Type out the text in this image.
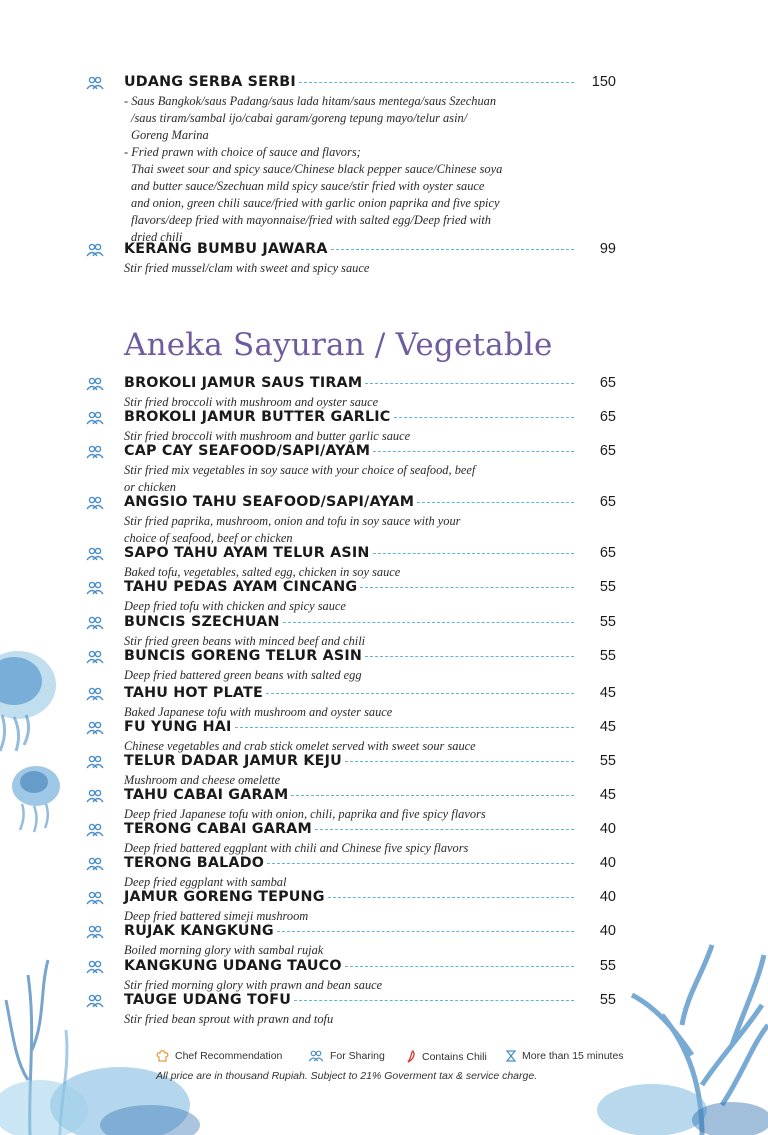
UDANG SERBA SERBI	150
- Saus Bangkok/saus Padang/saus lada hitam/saus mentega/saus Szechuan
/saus tiram/sambal ijo/cabai garam/goreng tepung mayo/telur asin/
Goreng Marina
- Fried prawn with choice of sauce and flavors;
Thai sweet sour and spicy sauce/Chinese black pepper sauce/Chinese soya
and butter sauce/Szechuan mild spicy sauce/stir fried with oyster sauce
and onion, green chili sauce/fried with garlic onion paprika and five spicy
flavors/deep fried with mayonnaise/fried with salted egg/Deep fried with
dried chili
KERANG BUMBU JAWARA	99
Stir fried mussel/clam with sweet and spicy sauce
Aneka Sayuran / Vegetable
BROKOLI JAMUR SAUS TIRAM	65
Stir fried broccoli with mushroom and oyster sauce
BROKOLI JAMUR BUTTER GARLIC	65
Stir fried broccoli with mushroom and butter garlic sauce
CAP CAY SEAFOOD/SAPI/AYAM	65
Stir fried mix vegetables in soy sauce with your choice of seafood, beef
or chicken
ANGSIO TAHU SEAFOOD/SAPI/AYAM	65
Stir fried paprika, mushroom, onion and tofu in soy sauce with your
choice of seafood, beef or chicken
SAPO TAHU AYAM TELUR ASIN	65
Baked tofu, vegetables, salted egg, chicken in soy sauce
TAHU PEDAS AYAM CINCANG	55
Deep fried tofu with chicken and spicy sauce
BUNCIS SZECHUAN	55
Stir fried green beans with minced beef and chili
BUNCIS GORENG TELUR ASIN	55
Deep fried battered green beans with salted egg
TAHU HOT PLATE	45
Baked Japanese tofu with mushroom and oyster sauce
FU YUNG HAI	45
Chinese vegetables and crab stick omelet served with sweet sour sauce
TELUR DADAR JAMUR KEJU	55
Mushroom and cheese omelette
TAHU CABAI GARAM	45
Deep fried Japanese tofu with onion, chili, paprika and five spicy flavors
TERONG CABAI GARAM	40
Deep fried battered eggplant with chili and Chinese five spicy flavors
TERONG BALADO	40
Deep fried eggplant with sambal
JAMUR GORENG TEPUNG	40
Deep fried battered simeji mushroom
RUJAK KANGKUNG	40
Boiled morning glory with sambal rujak
KANGKUNG UDANG TAUCO	55
Stir fried morning glory with prawn and bean sauce
TAUGE UDANG TOFU	55
Stir fried bean sprout with prawn and tofu
Chef Recommendation	For Sharing	Contains Chili	More than 15 minutes
All price are in thousand Rupiah. Subject to 21% Goverment tax & service charge.
